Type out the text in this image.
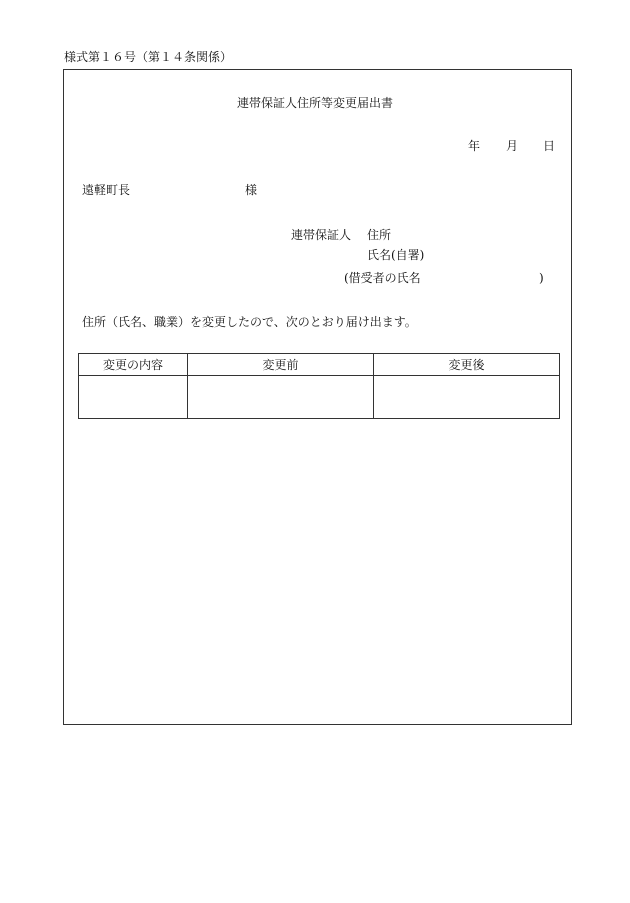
様式第１６号（第１４条関係）
連帯保証人住所等変更届出書
年 月 日
遠軽町長	様
連帯保証人 住所
氏名(自署)
(借受者の氏名	)
住所（氏名、職業）を変更したので、次のとおり届け出ます。
変更の内容	変更前	変更後
